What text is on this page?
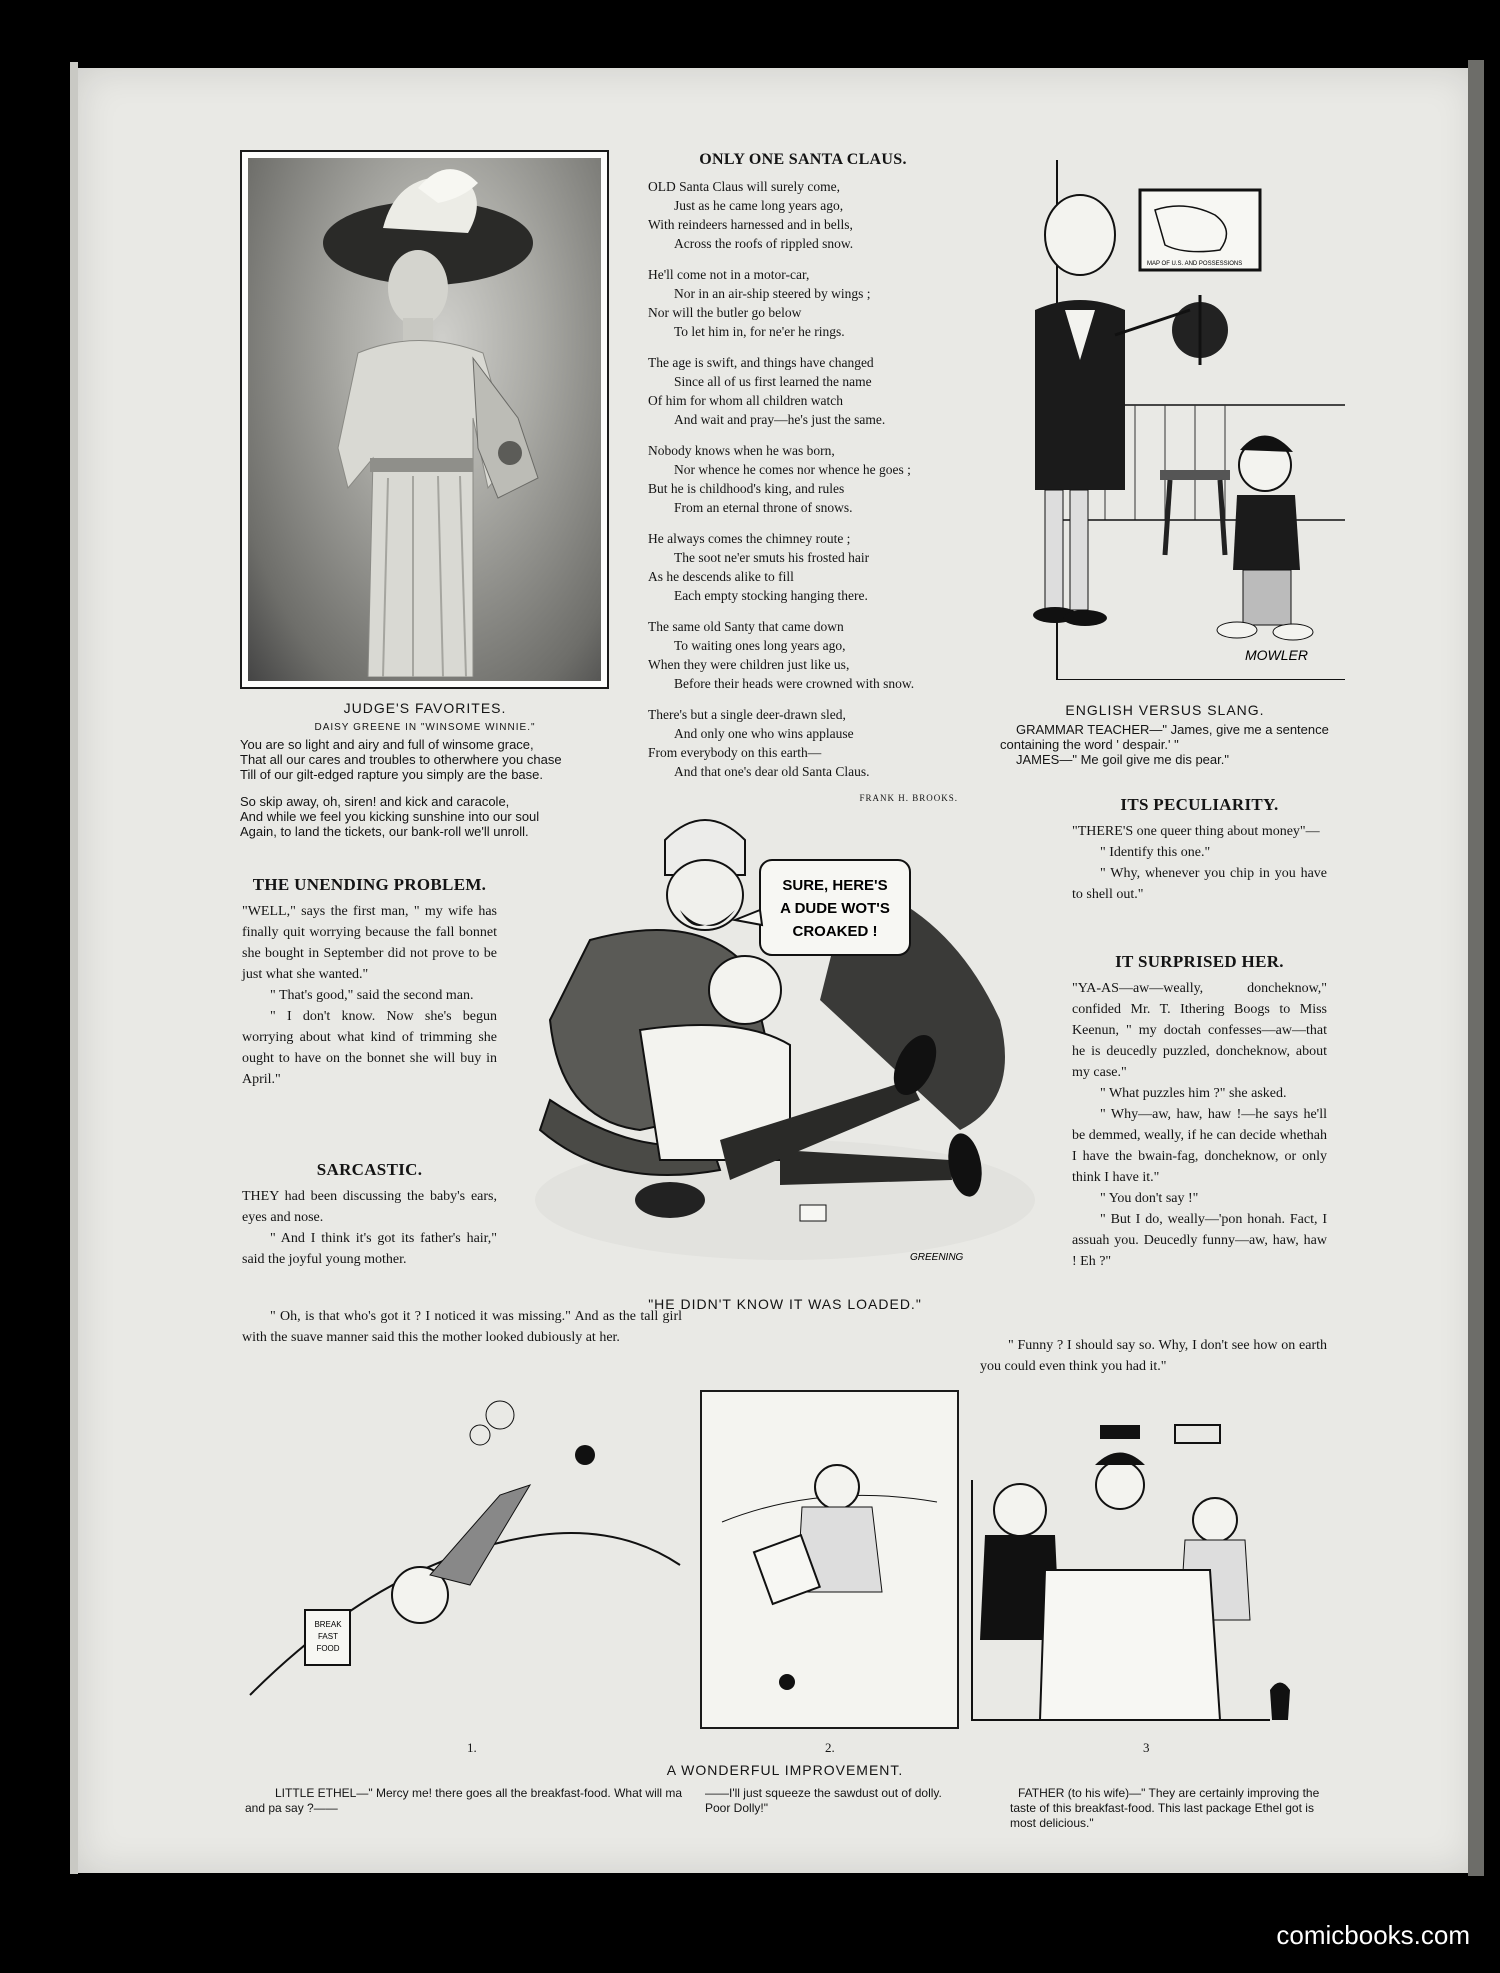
JUDGE'S FAVORITES.
DAISY GREENE IN "WINSOME WINNIE."
You are so light and airy and full of winsome grace,
That all our cares and troubles to otherwhere you chase
Till of our gilt-edged rapture you simply are the base.
So skip away, oh, siren! and kick and caracole,
And while we feel you kicking sunshine into our soul
Again, to land the tickets, our bank-roll we'll unroll.
ONLY ONE SANTA CLAUS.

OLD Santa Claus will surely come,

Just as he came long years ago,

With reindeers harnessed and in bells,

Across the roofs of rippled snow.

He'll come not in a motor-car,

Nor in an air-ship steered by wings ;

Nor will the butler go below

To let him in, for ne'er he rings.

The age is swift, and things have changed

Since all of us first learned the name

Of him for whom all children watch

And wait and pray—he's just the same.

Nobody knows when he was born,

Nor whence he comes nor whence he goes ;

But he is childhood's king, and rules

From an eternal throne of snows.

He always comes the chimney route ;

The soot ne'er smuts his frosted hair

As he descends alike to fill

Each empty stocking hanging there.

The same old Santy that came down

To waiting ones long years ago,

When they were children just like us,

Before their heads were crowned with snow.

There's but a single deer-drawn sled,

And only one who wins applause

From everybody on this earth—

And that one's dear old Santa Claus.

FRANK H. BROOKS.
MAP OF U.S. AND POSSESSIONS
MOWLER
ENGLISH VERSUS SLANG.
GRAMMAR TEACHER—" James, give me a sentence containing the word ' despair.' "
JAMES—" Me goil give me dis pear."
THE UNENDING PROBLEM.
"WELL," says the first man, " my wife has finally quit worrying because the fall bonnet she bought in September did not prove to be just what she wanted."
" That's good," said the second man.
" I don't know. Now she's begun worrying about what kind of trimming she ought to have on the bonnet she will buy in April."
SARCASTIC.
THEY had been discussing the baby's ears, eyes and nose.
" And I think it's got its father's hair," said the joyful young mother.
" Oh, is that who's got it ? I noticed it was missing." And as the tall girl with the suave manner said this the mother looked dubiously at her.
SURE, HERE'S
A DUDE WOT'S
CROAKED !
GREENING
"HE DIDN'T KNOW IT WAS LOADED."
ITS PECULIARITY.
"THERE'S one queer thing about money"—
" Identify this one."
" Why, whenever you chip in you have to shell out."
IT SURPRISED HER.
"YA-AS—aw—weally, doncheknow," confided Mr. T. Ithering Boogs to Miss Keenun, " my doctah confesses—aw—that he is deucedly puzzled, doncheknow, about my case."
" What puzzles him ?" she asked.
" Why—aw, haw, haw !—he says he'll be demmed, weally, if he can decide whethah I have the bwain-fag, doncheknow, or only think I have it."
" You don't say !"
" But I do, weally—'pon honah. Fact, I assuah you. Deucedly funny—aw, haw, haw ! Eh ?"
" Funny ? I should say so. Why, I don't see how on earth you could even think you had it."
BREAK
FAST
FOOD
1.	2.	3
A WONDERFUL IMPROVEMENT.
LITTLE ETHEL—" Mercy me! there goes all the breakfast-food. What will ma and pa say ?——
——I'll just squeeze the sawdust out of dolly. Poor Dolly!"
FATHER (to his wife)—" They are certainly improving the taste of this breakfast-food. This last package Ethel got is most delicious."
comicbooks.com
